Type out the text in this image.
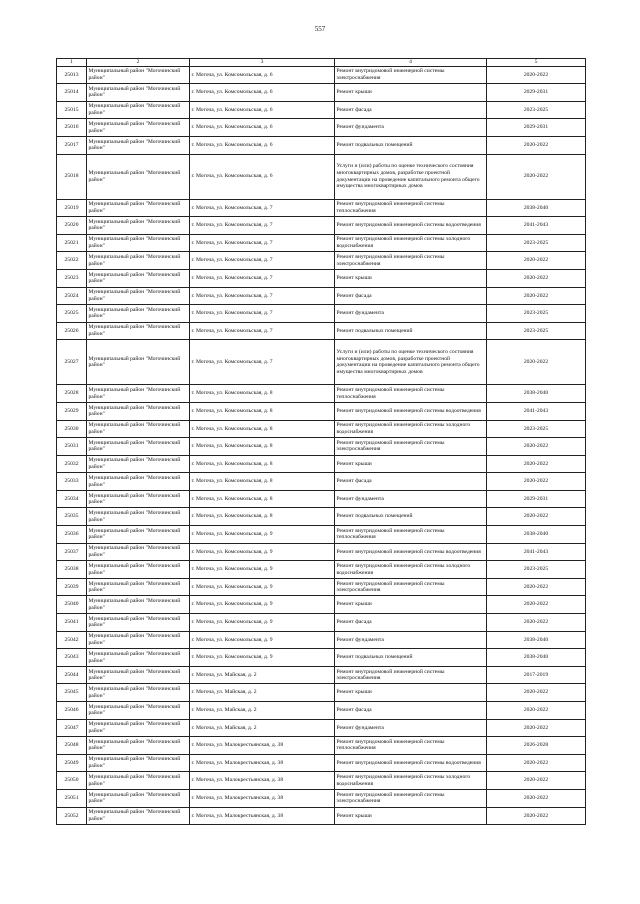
557
1	2	3	4	5
25013	Муниципальный район "Могочинский район"	г. Могоча, ул. Комсомольская, д. 6	Ремонт внутридомовой инженерной системы электроснабжения	2020-2022
25014	Муниципальный район "Могочинский район"	г. Могоча, ул. Комсомольская, д. 6	Ремонт крыши	2029-2031
25015	Муниципальный район "Могочинский район"	г. Могоча, ул. Комсомольская, д. 6	Ремонт фасада	2023-2025
25016	Муниципальный район "Могочинский район"	г. Могоча, ул. Комсомольская, д. 6	Ремонт фундамента	2029-2031
25017	Муниципальный район "Могочинский район"	г. Могоча, ул. Комсомольская, д. 6	Ремонт подвальных помещений	2020-2022
25018	Муниципальный район "Могочинский район"	г. Могоча, ул. Комсомольская, д. 6	Услуги и (или) работы по оценке технического состояния многоквартирных домов, разработке проектной документации на проведение капитального ремонта общего имущества многоквартирных домов	2020-2022
25019	Муниципальный район "Могочинский район"	г. Могоча, ул. Комсомольская, д. 7	Ремонт внутридомовой инженерной системы теплоснабжения	2038-2040
25020	Муниципальный район "Могочинский район"	г. Могоча, ул. Комсомольская, д. 7	Ремонт внутридомовой инженерной системы водоотведения	2041-2043
25021	Муниципальный район "Могочинский район"	г. Могоча, ул. Комсомольская, д. 7	Ремонт внутридомовой инженерной системы холодного водоснабжения	2023-2025
25022	Муниципальный район "Могочинский район"	г. Могоча, ул. Комсомольская, д. 7	Ремонт внутридомовой инженерной системы электроснабжения	2020-2022
25023	Муниципальный район "Могочинский район"	г. Могоча, ул. Комсомольская, д. 7	Ремонт крыши	2020-2022
25024	Муниципальный район "Могочинский район"	г. Могоча, ул. Комсомольская, д. 7	Ремонт фасада	2020-2022
25025	Муниципальный район "Могочинский район"	г. Могоча, ул. Комсомольская, д. 7	Ремонт фундамента	2023-2025
25026	Муниципальный район "Могочинский район"	г. Могоча, ул. Комсомольская, д. 7	Ремонт подвальных помещений	2023-2025
25027	Муниципальный район "Могочинский район"	г. Могоча, ул. Комсомольская, д. 7	Услуги и (или) работы по оценке технического состояния многоквартирных домов, разработке проектной документации на проведение капитального ремонта общего имущества многоквартирных домов	2020-2022
25028	Муниципальный район "Могочинский район"	г. Могоча, ул. Комсомольская, д. 8	Ремонт внутридомовой инженерной системы теплоснабжения	2038-2040
25029	Муниципальный район "Могочинский район"	г. Могоча, ул. Комсомольская, д. 8	Ремонт внутридомовой инженерной системы водоотведения	2041-2043
25030	Муниципальный район "Могочинский район"	г. Могоча, ул. Комсомольская, д. 8	Ремонт внутридомовой инженерной системы холодного водоснабжения	2023-2025
25031	Муниципальный район "Могочинский район"	г. Могоча, ул. Комсомольская, д. 8	Ремонт внутридомовой инженерной системы электроснабжения	2020-2022
25032	Муниципальный район "Могочинский район"	г. Могоча, ул. Комсомольская, д. 8	Ремонт крыши	2020-2022
25033	Муниципальный район "Могочинский район"	г. Могоча, ул. Комсомольская, д. 8	Ремонт фасада	2020-2022
25034	Муниципальный район "Могочинский район"	г. Могоча, ул. Комсомольская, д. 8	Ремонт фундамента	2029-2031
25035	Муниципальный район "Могочинский район"	г. Могоча, ул. Комсомольская, д. 8	Ремонт подвальных помещений	2020-2022
25036	Муниципальный район "Могочинский район"	г. Могоча, ул. Комсомольская, д. 9	Ремонт внутридомовой инженерной системы теплоснабжения	2038-2040
25037	Муниципальный район "Могочинский район"	г. Могоча, ул. Комсомольская, д. 9	Ремонт внутридомовой инженерной системы водоотведения	2041-2043
25038	Муниципальный район "Могочинский район"	г. Могоча, ул. Комсомольская, д. 9	Ремонт внутридомовой инженерной системы холодного водоснабжения	2023-2025
25039	Муниципальный район "Могочинский район"	г. Могоча, ул. Комсомольская, д. 9	Ремонт внутридомовой инженерной системы электроснабжения	2020-2022
25040	Муниципальный район "Могочинский район"	г. Могоча, ул. Комсомольская, д. 9	Ремонт крыши	2020-2022
25041	Муниципальный район "Могочинский район"	г. Могоча, ул. Комсомольская, д. 9	Ремонт фасада	2020-2022
25042	Муниципальный район "Могочинский район"	г. Могоча, ул. Комсомольская, д. 9	Ремонт фундамента	2038-2040
25043	Муниципальный район "Могочинский район"	г. Могоча, ул. Комсомольская, д. 9	Ремонт подвальных помещений	2038-2040
25044	Муниципальный район "Могочинский район"	г. Могоча, ул. Майская, д. 2	Ремонт внутридомовой инженерной системы электроснабжения	2017-2019
25045	Муниципальный район "Могочинский район"	г. Могоча, ул. Майская, д. 2	Ремонт крыши	2020-2022
25046	Муниципальный район "Могочинский район"	г. Могоча, ул. Майская, д. 2	Ремонт фасада	2020-2022
25047	Муниципальный район "Могочинский район"	г. Могоча, ул. Майская, д. 2	Ремонт фундамента	2020-2022
25048	Муниципальный район "Могочинский район"	г. Могоча, ул. Малокрестьянская, д. 38	Ремонт внутридомовой инженерной системы теплоснабжения	2026-2028
25049	Муниципальный район "Могочинский район"	г. Могоча, ул. Малокрестьянская, д. 38	Ремонт внутридомовой инженерной системы водоотведения	2020-2022
25050	Муниципальный район "Могочинский район"	г. Могоча, ул. Малокрестьянская, д. 38	Ремонт внутридомовой инженерной системы холодного водоснабжения	2020-2022
25051	Муниципальный район "Могочинский район"	г. Могоча, ул. Малокрестьянская, д. 38	Ремонт внутридомовой инженерной системы электроснабжения	2020-2022
25052	Муниципальный район "Могочинский район"	г. Могоча, ул. Малокрестьянская, д. 38	Ремонт крыши	2020-2022
